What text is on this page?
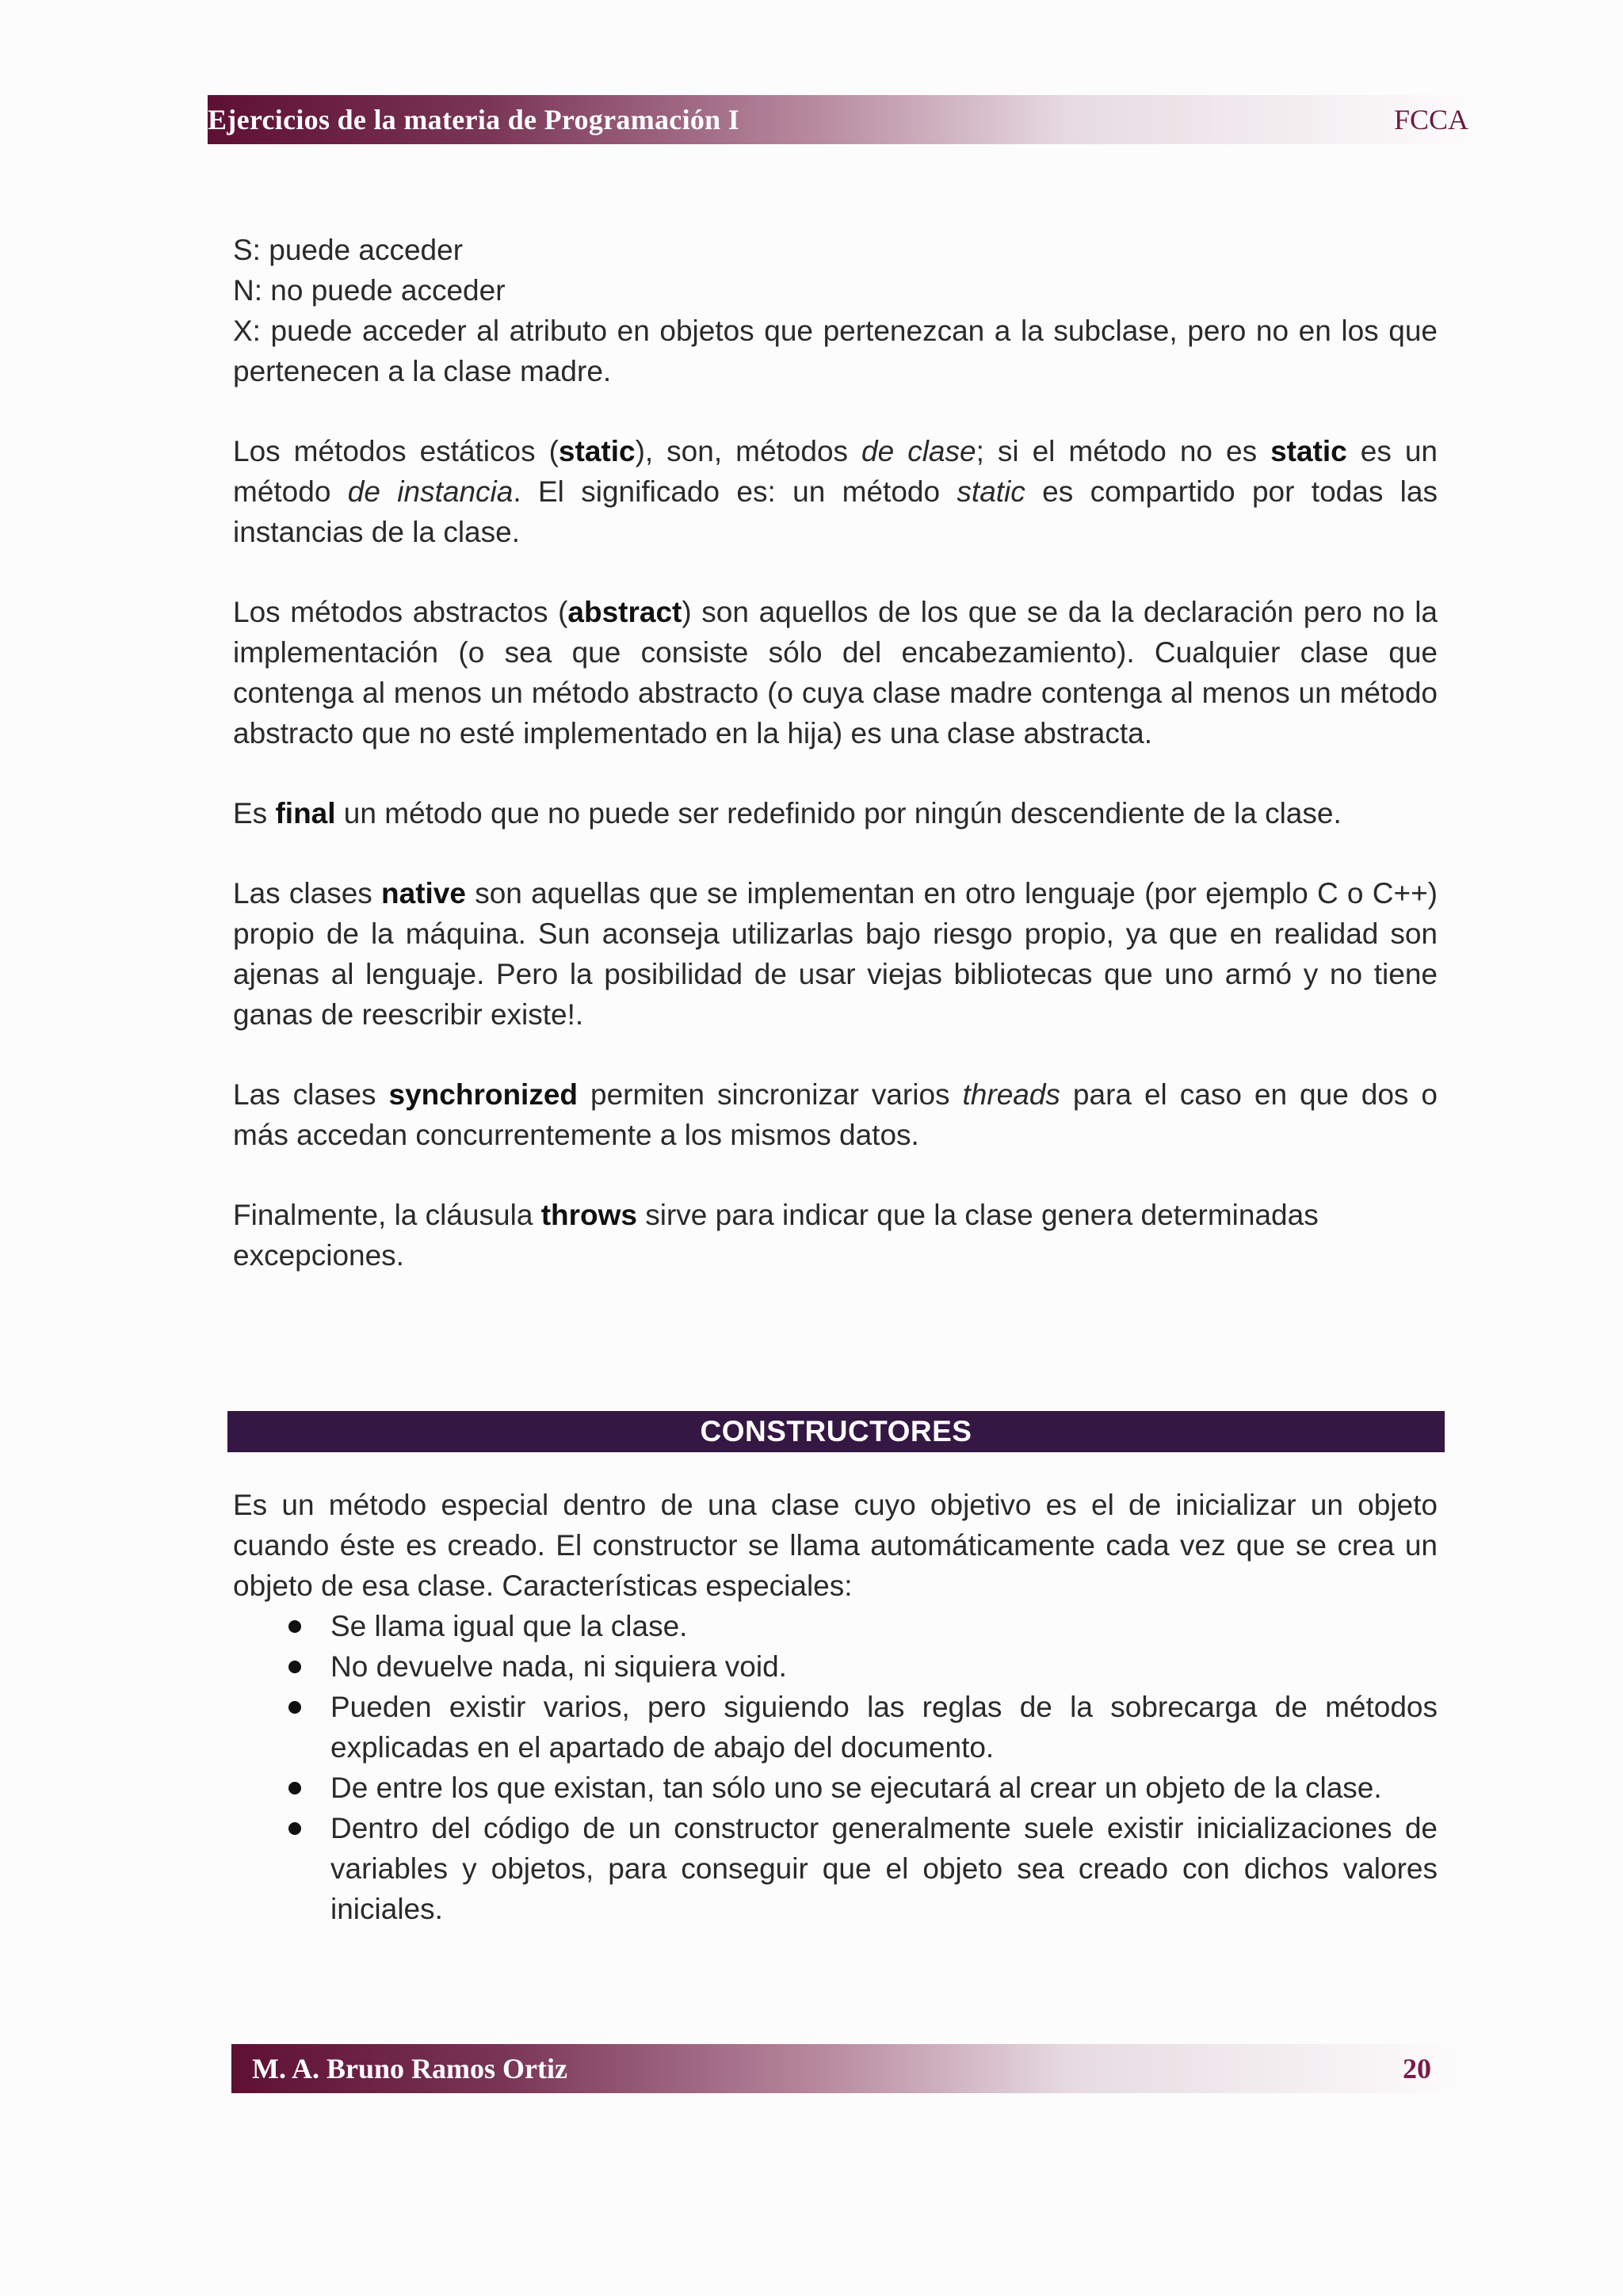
Ejercicios de la materia de Programación I	FCCA

S: puede acceder

N: no puede acceder

X: puede acceder al atributo en objetos que pertenezcan a la subclase, pero no en los que pertenecen a la clase madre.

Los métodos estáticos (static), son, métodos de clase; si el método no es static es un método de instancia. El significado es: un método static es compartido por todas las instancias de la clase.

Los métodos abstractos (abstract) son aquellos de los que se da la declaración pero no la implementación (o sea que consiste sólo del encabezamiento). Cualquier clase que contenga al menos un método abstracto (o cuya clase madre contenga al menos un método abstracto que no esté implementado en la hija) es una clase abstracta.

Es final un método que no puede ser redefinido por ningún descendiente de la clase.

Las clases native son aquellas que se implementan en otro lenguaje (por ejemplo C o C++) propio de la máquina. Sun aconseja utilizarlas bajo riesgo propio, ya que en realidad son ajenas al lenguaje. Pero la posibilidad de usar viejas bibliotecas que uno armó y no tiene ganas de reescribir existe!.

Las clases synchronized permiten sincronizar varios threads para el caso en que dos o más accedan concurrentemente a los mismos datos.

Finalmente, la cláusula throws sirve para indicar que la clase genera determinadas excepciones.

CONSTRUCTORES

Es un método especial dentro de una clase cuyo objetivo es el de inicializar un objeto cuando éste es creado. El constructor se llama automáticamente cada vez que se crea un objeto de esa clase. Características especiales:

Se llama igual que la clase.
No devuelve nada, ni siquiera void.
Pueden existir varios, pero siguiendo las reglas de la sobrecarga de métodos explicadas en el apartado de abajo del documento.
De entre los que existan, tan sólo uno se ejecutará al crear un objeto de la clase.
Dentro del código de un constructor generalmente suele existir inicializaciones de variables y objetos, para conseguir que el objeto sea creado con dichos valores iniciales.
M. A. Bruno Ramos Ortiz	20
